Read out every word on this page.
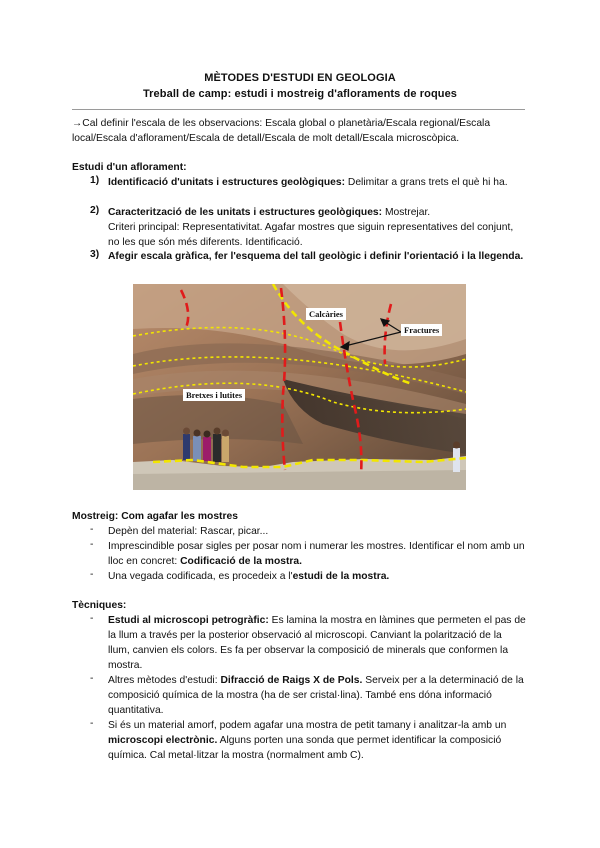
MÈTODES D'ESTUDI EN GEOLOGIA
Treball de camp: estudi i mostreig d'afloraments de roques
→Cal definir l'escala de les observacions: Escala global o planetària/Escala regional/Escala local/Escala d'aflorament/Escala de detall/Escala de molt detall/Escala microscòpica.
Estudi d'un aflorament:
1) Identificació d'unitats i estructures geològiques: Delimitar a grans trets el què hi ha.
2) Caracterització de les unitats i estructures geològiques: Mostrejar.
Criteri principal: Representativitat. Agafar mostres que siguin representatives del conjunt, no les que són més diferents. Identificació.
3) Afegir escala gràfica, fer l'esquema del tall geològic i definir l'orientació i la llegenda.
Calcàries
Fractures
Bretxes i lutites
Mostreig: Com agafar les mostres
- Depèn del material: Rascar, picar...
- Imprescindible posar sigles per posar nom i numerar les mostres. Identificar el nom amb un lloc en concret: Codificació de la mostra.
- Una vegada codificada, es procedeix a l'estudi de la mostra.
Tècniques:
- Estudi al microscopi petrogràfic: Es lamina la mostra en làmines que permeten el pas de la llum a través per la posterior observació al microscopi. Canviant la polarització de la llum, canvien els colors. Es fa per observar la composició de minerals que conformen la mostra.
- Altres mètodes d'estudi: Difracció de Raigs X de Pols. Serveix per a la determinació de la composició química de la mostra (ha de ser cristal·lina). També ens dóna informació quantitativa.
- Si és un material amorf, podem agafar una mostra de petit tamany i analitzar-la amb un microscopi electrònic. Alguns porten una sonda que permet identificar la composició química. Cal metal·litzar la mostra (normalment amb C).
